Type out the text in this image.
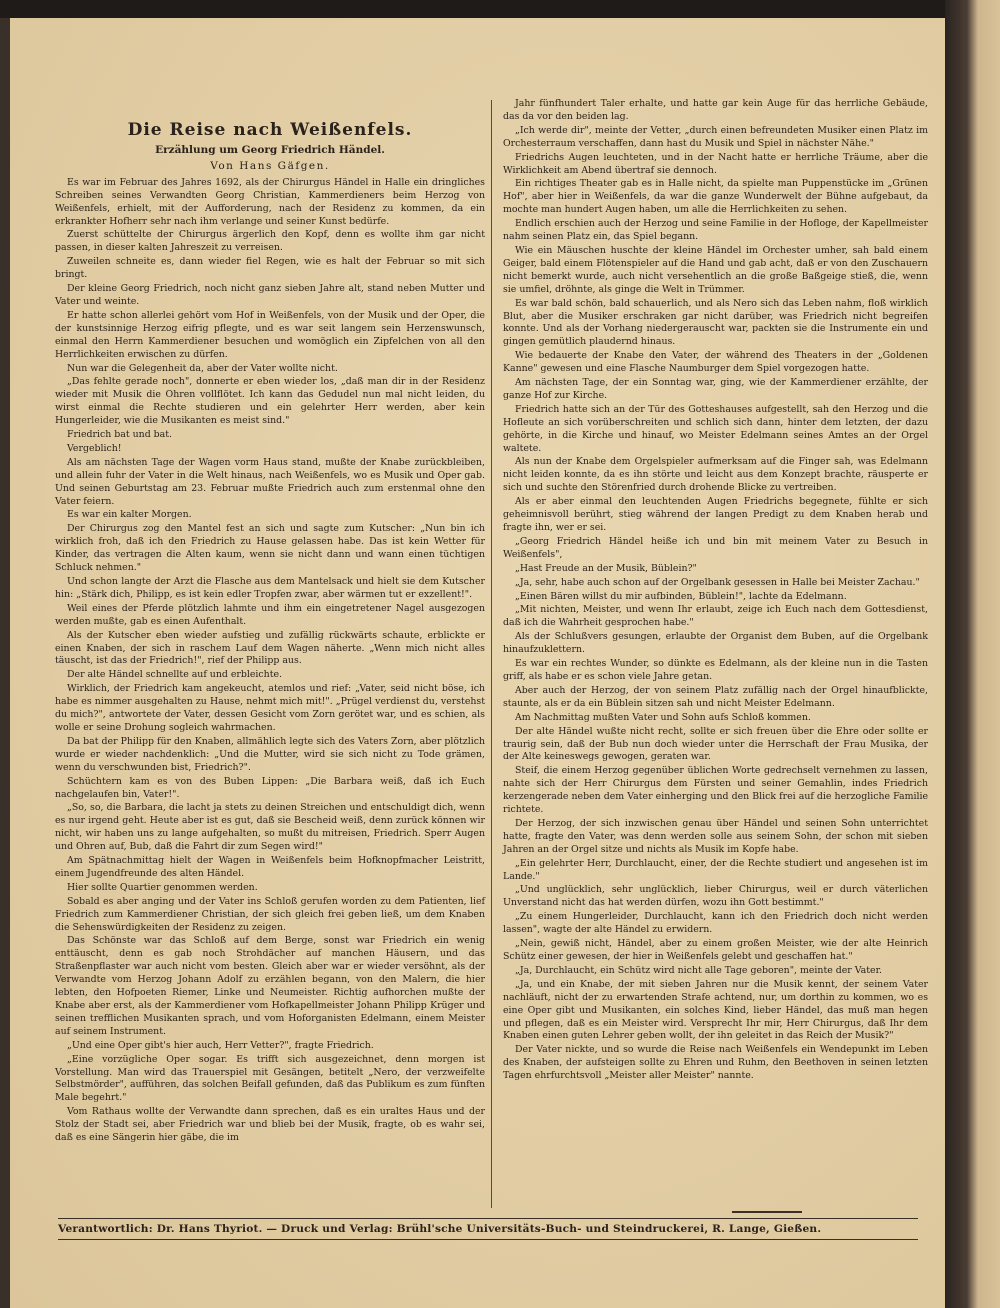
Die Reise nach Weißenfels.

Erzählung um Georg Friedrich Händel.

Von Hans Gäfgen.

Es war im Februar des Jahres 1692, als der Chirurgus Händel in Halle ein dringliches Schreiben seines Verwandten Georg Christian, Kammerdieners beim Herzog von Weißenfels, erhielt, mit der Aufforderung, nach der Residenz zu kommen, da ein erkrankter Hofherr sehr nach ihm verlange und seiner Kunst bedürfe.

Zuerst schüttelte der Chirurgus ärgerlich den Kopf, denn es wollte ihm gar nicht passen, in dieser kalten Jahreszeit zu verreisen.

Zuweilen schneite es, dann wieder fiel Regen, wie es halt der Februar so mit sich bringt.

Der kleine Georg Friedrich, noch nicht ganz sieben Jahre alt, stand neben Mutter und Vater und weinte.

Er hatte schon allerlei gehört vom Hof in Weißenfels, von der Musik und der Oper, die der kunstsinnige Herzog eifrig pflegte, und es war seit langem sein Herzenswunsch, einmal den Herrn Kammerdiener besuchen und womöglich ein Zipfelchen von all den Herrlichkeiten erwischen zu dürfen.

Nun war die Gelegenheit da, aber der Vater wollte nicht.

„Das fehlte gerade noch", donnerte er eben wieder los, „daß man dir in der Residenz wieder mit Musik die Ohren vollflötet. Ich kann das Gedudel nun mal nicht leiden, du wirst einmal die Rechte studieren und ein gelehrter Herr werden, aber kein Hungerleider, wie die Musikanten es meist sind."

Friedrich bat und bat.

Vergeblich!

Als am nächsten Tage der Wagen vorm Haus stand, mußte der Knabe zurückbleiben, und allein fuhr der Vater in die Welt hinaus, nach Weißenfels, wo es Musik und Oper gab. Und seinen Geburtstag am 23. Februar mußte Friedrich auch zum erstenmal ohne den Vater feiern.

Es war ein kalter Morgen.

Der Chirurgus zog den Mantel fest an sich und sagte zum Kutscher: „Nun bin ich wirklich froh, daß ich den Friedrich zu Hause gelassen habe. Das ist kein Wetter für Kinder, das vertragen die Alten kaum, wenn sie nicht dann und wann einen tüchtigen Schluck nehmen."

Und schon langte der Arzt die Flasche aus dem Mantelsack und hielt sie dem Kutscher hin: „Stärk dich, Philipp, es ist kein edler Tropfen zwar, aber wärmen tut er exzellent!".

Weil eines der Pferde plötzlich lahmte und ihm ein eingetretener Nagel ausgezogen werden mußte, gab es einen Aufenthalt.

Als der Kutscher eben wieder aufstieg und zufällig rückwärts schaute, erblickte er einen Knaben, der sich in raschem Lauf dem Wagen näherte. „Wenn mich nicht alles täuscht, ist das der Friedrich!", rief der Philipp aus.

Der alte Händel schnellte auf und erbleichte.

Wirklich, der Friedrich kam angekeucht, atemlos und rief: „Vater, seid nicht böse, ich habe es nimmer ausgehalten zu Hause, nehmt mich mit!". „Prügel verdienst du, verstehst du mich?", antwortete der Vater, dessen Gesicht vom Zorn gerötet war, und es schien, als wolle er seine Drohung sogleich wahrmachen.

Da bat der Philipp für den Knaben, allmählich legte sich des Vaters Zorn, aber plötzlich wurde er wieder nachdenklich: „Und die Mutter, wird sie sich nicht zu Tode grämen, wenn du verschwunden bist, Friedrich?".

Schüchtern kam es von des Buben Lippen: „Die Barbara weiß, daß ich Euch nachgelaufen bin, Vater!".

„So, so, die Barbara, die lacht ja stets zu deinen Streichen und entschuldigt dich, wenn es nur irgend geht. Heute aber ist es gut, daß sie Bescheid weiß, denn zurück können wir nicht, wir haben uns zu lange aufgehalten, so mußt du mitreisen, Friedrich. Sperr Augen und Ohren auf, Bub, daß die Fahrt dir zum Segen wird!"

Am Spätnachmittag hielt der Wagen in Weißenfels beim Hofknopfmacher Leistritt, einem Jugendfreunde des alten Händel.

Hier sollte Quartier genommen werden.

Sobald es aber anging und der Vater ins Schloß gerufen worden zu dem Patienten, lief Friedrich zum Kammerdiener Christian, der sich gleich frei geben ließ, um dem Knaben die Sehenswürdigkeiten der Residenz zu zeigen.

Das Schönste war das Schloß auf dem Berge, sonst war Friedrich ein wenig enttäuscht, denn es gab noch Strohdächer auf manchen Häusern, und das Straßenpflaster war auch nicht vom besten. Gleich aber war er wieder versöhnt, als der Verwandte vom Herzog Johann Adolf zu erzählen begann, von den Malern, die hier lebten, den Hofpoeten Riemer, Linke und Neumeister. Richtig aufhorchen mußte der Knabe aber erst, als der Kammerdiener vom Hofkapellmeister Johann Philipp Krüger und seinen trefflichen Musikanten sprach, und vom Hoforganisten Edelmann, einem Meister auf seinem Instrument.

„Und eine Oper gibt's hier auch, Herr Vetter?", fragte Friedrich.

„Eine vorzügliche Oper sogar. Es trifft sich ausgezeichnet, denn morgen ist Vorstellung. Man wird das Trauerspiel mit Gesängen, betitelt „Nero, der verzweifelte Selbstmörder", aufführen, das solchen Beifall gefunden, daß das Publikum es zum fünften Male begehrt."

Vom Rathaus wollte der Verwandte dann sprechen, daß es ein uraltes Haus und der Stolz der Stadt sei, aber Friedrich war und blieb bei der Musik, fragte, ob es wahr sei, daß es eine Sängerin hier gäbe, die im

Jahr fünfhundert Taler erhalte, und hatte gar kein Auge für das herrliche Gebäude, das da vor den beiden lag.

„Ich werde dir", meinte der Vetter, „durch einen befreundeten Musiker einen Platz im Orchesterraum verschaffen, dann hast du Musik und Spiel in nächster Nähe."

Friedrichs Augen leuchteten, und in der Nacht hatte er herrliche Träume, aber die Wirklichkeit am Abend übertraf sie dennoch.

Ein richtiges Theater gab es in Halle nicht, da spielte man Puppenstücke im „Grünen Hof", aber hier in Weißenfels, da war die ganze Wunderwelt der Bühne aufgebaut, da mochte man hundert Augen haben, um alle die Herrlichkeiten zu sehen.

Endlich erschien auch der Herzog und seine Familie in der Hofloge, der Kapellmeister nahm seinen Platz ein, das Spiel begann.

Wie ein Mäuschen huschte der kleine Händel im Orchester umher, sah bald einem Geiger, bald einem Flötenspieler auf die Hand und gab acht, daß er von den Zuschauern nicht bemerkt wurde, auch nicht versehentlich an die große Baßgeige stieß, die, wenn sie umfiel, dröhnte, als ginge die Welt in Trümmer.

Es war bald schön, bald schauerlich, und als Nero sich das Leben nahm, floß wirklich Blut, aber die Musiker erschraken gar nicht darüber, was Friedrich nicht begreifen konnte. Und als der Vorhang niedergerauscht war, packten sie die Instrumente ein und gingen gemütlich plaudernd hinaus.

Wie bedauerte der Knabe den Vater, der während des Theaters in der „Goldenen Kanne" gewesen und eine Flasche Naumburger dem Spiel vorgezogen hatte.

Am nächsten Tage, der ein Sonntag war, ging, wie der Kammerdiener erzählte, der ganze Hof zur Kirche.

Friedrich hatte sich an der Tür des Gotteshauses aufgestellt, sah den Herzog und die Hofleute an sich vorüberschreiten und schlich sich dann, hinter dem letzten, der dazu gehörte, in die Kirche und hinauf, wo Meister Edelmann seines Amtes an der Orgel waltete.

Als nun der Knabe dem Orgelspieler aufmerksam auf die Finger sah, was Edelmann nicht leiden konnte, da es ihn störte und leicht aus dem Konzept brachte, räusperte er sich und suchte den Störenfried durch drohende Blicke zu vertreiben.

Als er aber einmal den leuchtenden Augen Friedrichs begegnete, fühlte er sich geheimnisvoll berührt, stieg während der langen Predigt zu dem Knaben herab und fragte ihn, wer er sei.

„Georg Friedrich Händel heiße ich und bin mit meinem Vater zu Besuch in Weißenfels",

„Hast Freude an der Musik, Büblein?"

„Ja, sehr, habe auch schon auf der Orgelbank gesessen in Halle bei Meister Zachau."

„Einen Bären willst du mir aufbinden, Büblein!", lachte da Edelmann.

„Mit nichten, Meister, und wenn Ihr erlaubt, zeige ich Euch nach dem Gottesdienst, daß ich die Wahrheit gesprochen habe."

Als der Schlußvers gesungen, erlaubte der Organist dem Buben, auf die Orgelbank hinaufzuklettern.

Es war ein rechtes Wunder, so dünkte es Edelmann, als der kleine nun in die Tasten griff, als habe er es schon viele Jahre getan.

Aber auch der Herzog, der von seinem Platz zufällig nach der Orgel hinaufblickte, staunte, als er da ein Büblein sitzen sah und nicht Meister Edelmann.

Am Nachmittag mußten Vater und Sohn aufs Schloß kommen.

Der alte Händel wußte nicht recht, sollte er sich freuen über die Ehre oder sollte er traurig sein, daß der Bub nun doch wieder unter die Herrschaft der Frau Musika, der der Alte keineswegs gewogen, geraten war.

Steif, die einem Herzog gegenüber üblichen Worte gedrechselt vernehmen zu lassen, nahte sich der Herr Chirurgus dem Fürsten und seiner Gemahlin, indes Friedrich kerzengerade neben dem Vater einherging und den Blick frei auf die herzogliche Familie richtete.

Der Herzog, der sich inzwischen genau über Händel und seinen Sohn unterrichtet hatte, fragte den Vater, was denn werden solle aus seinem Sohn, der schon mit sieben Jahren an der Orgel sitze und nichts als Musik im Kopfe habe.

„Ein gelehrter Herr, Durchlaucht, einer, der die Rechte studiert und angesehen ist im Lande."

„Und unglücklich, sehr unglücklich, lieber Chirurgus, weil er durch väterlichen Unverstand nicht das hat werden dürfen, wozu ihn Gott bestimmt."

„Zu einem Hungerleider, Durchlaucht, kann ich den Friedrich doch nicht werden lassen", wagte der alte Händel zu erwidern.

„Nein, gewiß nicht, Händel, aber zu einem großen Meister, wie der alte Heinrich Schütz einer gewesen, der hier in Weißenfels gelebt und geschaffen hat."

„Ja, Durchlaucht, ein Schütz wird nicht alle Tage geboren", meinte der Vater.

„Ja, und ein Knabe, der mit sieben Jahren nur die Musik kennt, der seinem Vater nachläuft, nicht der zu erwartenden Strafe achtend, nur, um dorthin zu kommen, wo es eine Oper gibt und Musikanten, ein solches Kind, lieber Händel, das muß man hegen und pflegen, daß es ein Meister wird. Versprecht Ihr mir, Herr Chirurgus, daß Ihr dem Knaben einen guten Lehrer geben wollt, der ihn geleitet in das Reich der Musik?"

Der Vater nickte, und so wurde die Reise nach Weißenfels ein Wendepunkt im Leben des Knaben, der aufsteigen sollte zu Ehren und Ruhm, den Beethoven in seinen letzten Tagen ehrfurchtsvoll „Meister aller Meister" nannte.

Verantwortlich: Dr. Hans Thyriot. — Druck und Verlag: Brühl'sche Universitäts-Buch- und Steindruckerei, R. Lange, Gießen.
